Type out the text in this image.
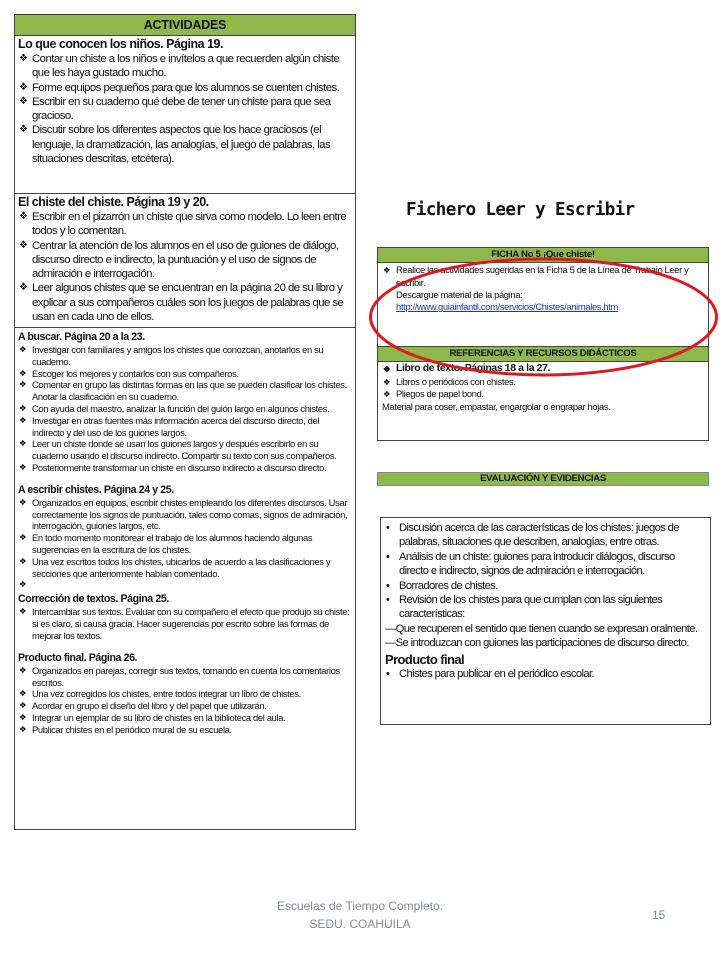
ACTIVIDADES
Lo que conocen los niños. Página 19.
❖ Contar un chiste a los niños e invítelos a que recuerden algún chiste que les haya gustado mucho.
❖ Forme equipos pequeños para que los alumnos se cuenten chistes.
❖ Escribir en su cuaderno qué debe de tener un chiste para que sea gracioso.
❖ Discutir sobre los diferentes aspectos que los hace graciosos (el lenguaje, la dramatización, las analogías, el juego de palabras, las situaciones descritas, etcétera).
El chiste del chiste. Página 19 y 20.
❖ Escribir en el pizarrón un chiste que sirva como modelo. Lo leen entre todos y lo comentan.
❖ Centrar la atención de los alumnos en el uso de guiones de diálogo, discurso directo e indirecto, la puntuación y el uso de signos de admiración e interrogación.
❖ Leer algunos chistes que se encuentran en la página 20 de su libro y explicar a sus compañeros cuáles son los juegos de palabras que se usan en cada uno de ellos.
A buscar. Página 20 a la 23.
❖ Investigar con familiares y amigos los chistes que conozcan, anotarlos en su cuaderno.
❖ Escoger los mejores y contarlos con sus compañeros.
❖ Comentar en grupo las distintas formas en las que se pueden clasificar los chistes. Anotar la clasificación en su cuaderno.
❖ Con ayuda del maestro, analizar la función del guión largo en algunos chistes.
❖ Investigar en otras fuentes más información acerca del discurso directo, del indirecto y del uso de los guiones largos.
❖ Leer un chiste donde se usan los guiones largos y después escribirlo en su cuaderno usando el discurso indirecto. Compartir su texto con sus compañeros.
❖ Posteriormente transformar un chiste en discurso indirecto a discurso directo.
A escribir chistes. Página 24 y 25.
❖ Organizados en equipos, escribir chistes empleando los diferentes discursos. Usar correctamente los signos de puntuación, tales como comas, signos de admiración, interrogación, guiones largos, etc.
❖ En todo momento monitorear el trabajo de los alumnos haciendo algunas sugerencias en la escritura de los chistes.
❖ Una vez escritos todos los chistes, ubicarlos de acuerdo a las clasificaciones y secciones que anteriormente habían comentado.
❖
Corrección de textos. Página 25.
❖ Intercambiar sus textos. Evaluar con su compañero el efecto que produjo su chiste: si es claro, si causa gracia. Hacer sugerencias por escrito sobre las formas de mejorar los textos.
Producto final. Página 26.
❖ Organizados en parejas, corregir sus textos, tomando en cuenta los comentarios escritos.
❖ Una vez corregidos los chistes, entre todos integrar un libro de chistes.
❖ Acordar en grupo el diseño del libro y del papel que utilizarán.
❖ Integrar un ejemplar de su libro de chistes en la biblioteca del aula.
❖ Publicar chistes en el periódico mural de su escuela.
Fichero Leer y Escribir
FICHA No 5 ¡Que chiste!
❖ Realice las actividades sugeridas en la Ficha 5 de la Línea de Trabajo Leer y escribir.
Descargue material de la página:
http://www.guiainfantil.com/servicios/Chistes/animales.htm
REFERENCIAS Y RECURSOS DIDÁCTICOS
❖ Libro de texto. Páginas 18 a la 27.
❖ Libros o periódicos con chistes.
❖ Pliegos de papel bond.
Material para coser, empastar, engargolar o engrapar hojas.
EVALUACIÓN Y EVIDENCIAS
• Discusión acerca de las características de los chistes: juegos de palabras, situaciones que describen, analogías, entre otras.
• Análisis de un chiste: guiones para introducir diálogos, discurso directo e indirecto, signos de admiración e interrogación.
• Borradores de chistes.
• Revisión de los chistes para que cumplan con las siguientes características:
—Que recuperen el sentido que tienen cuando se expresan oralmente.
—Se introduzcan con guiones las participaciones de discurso directo.
Producto final
• Chistes para publicar en el periódico escolar.
Escuelas de Tiempo Completo.
SEDU. COAHUILA
15
